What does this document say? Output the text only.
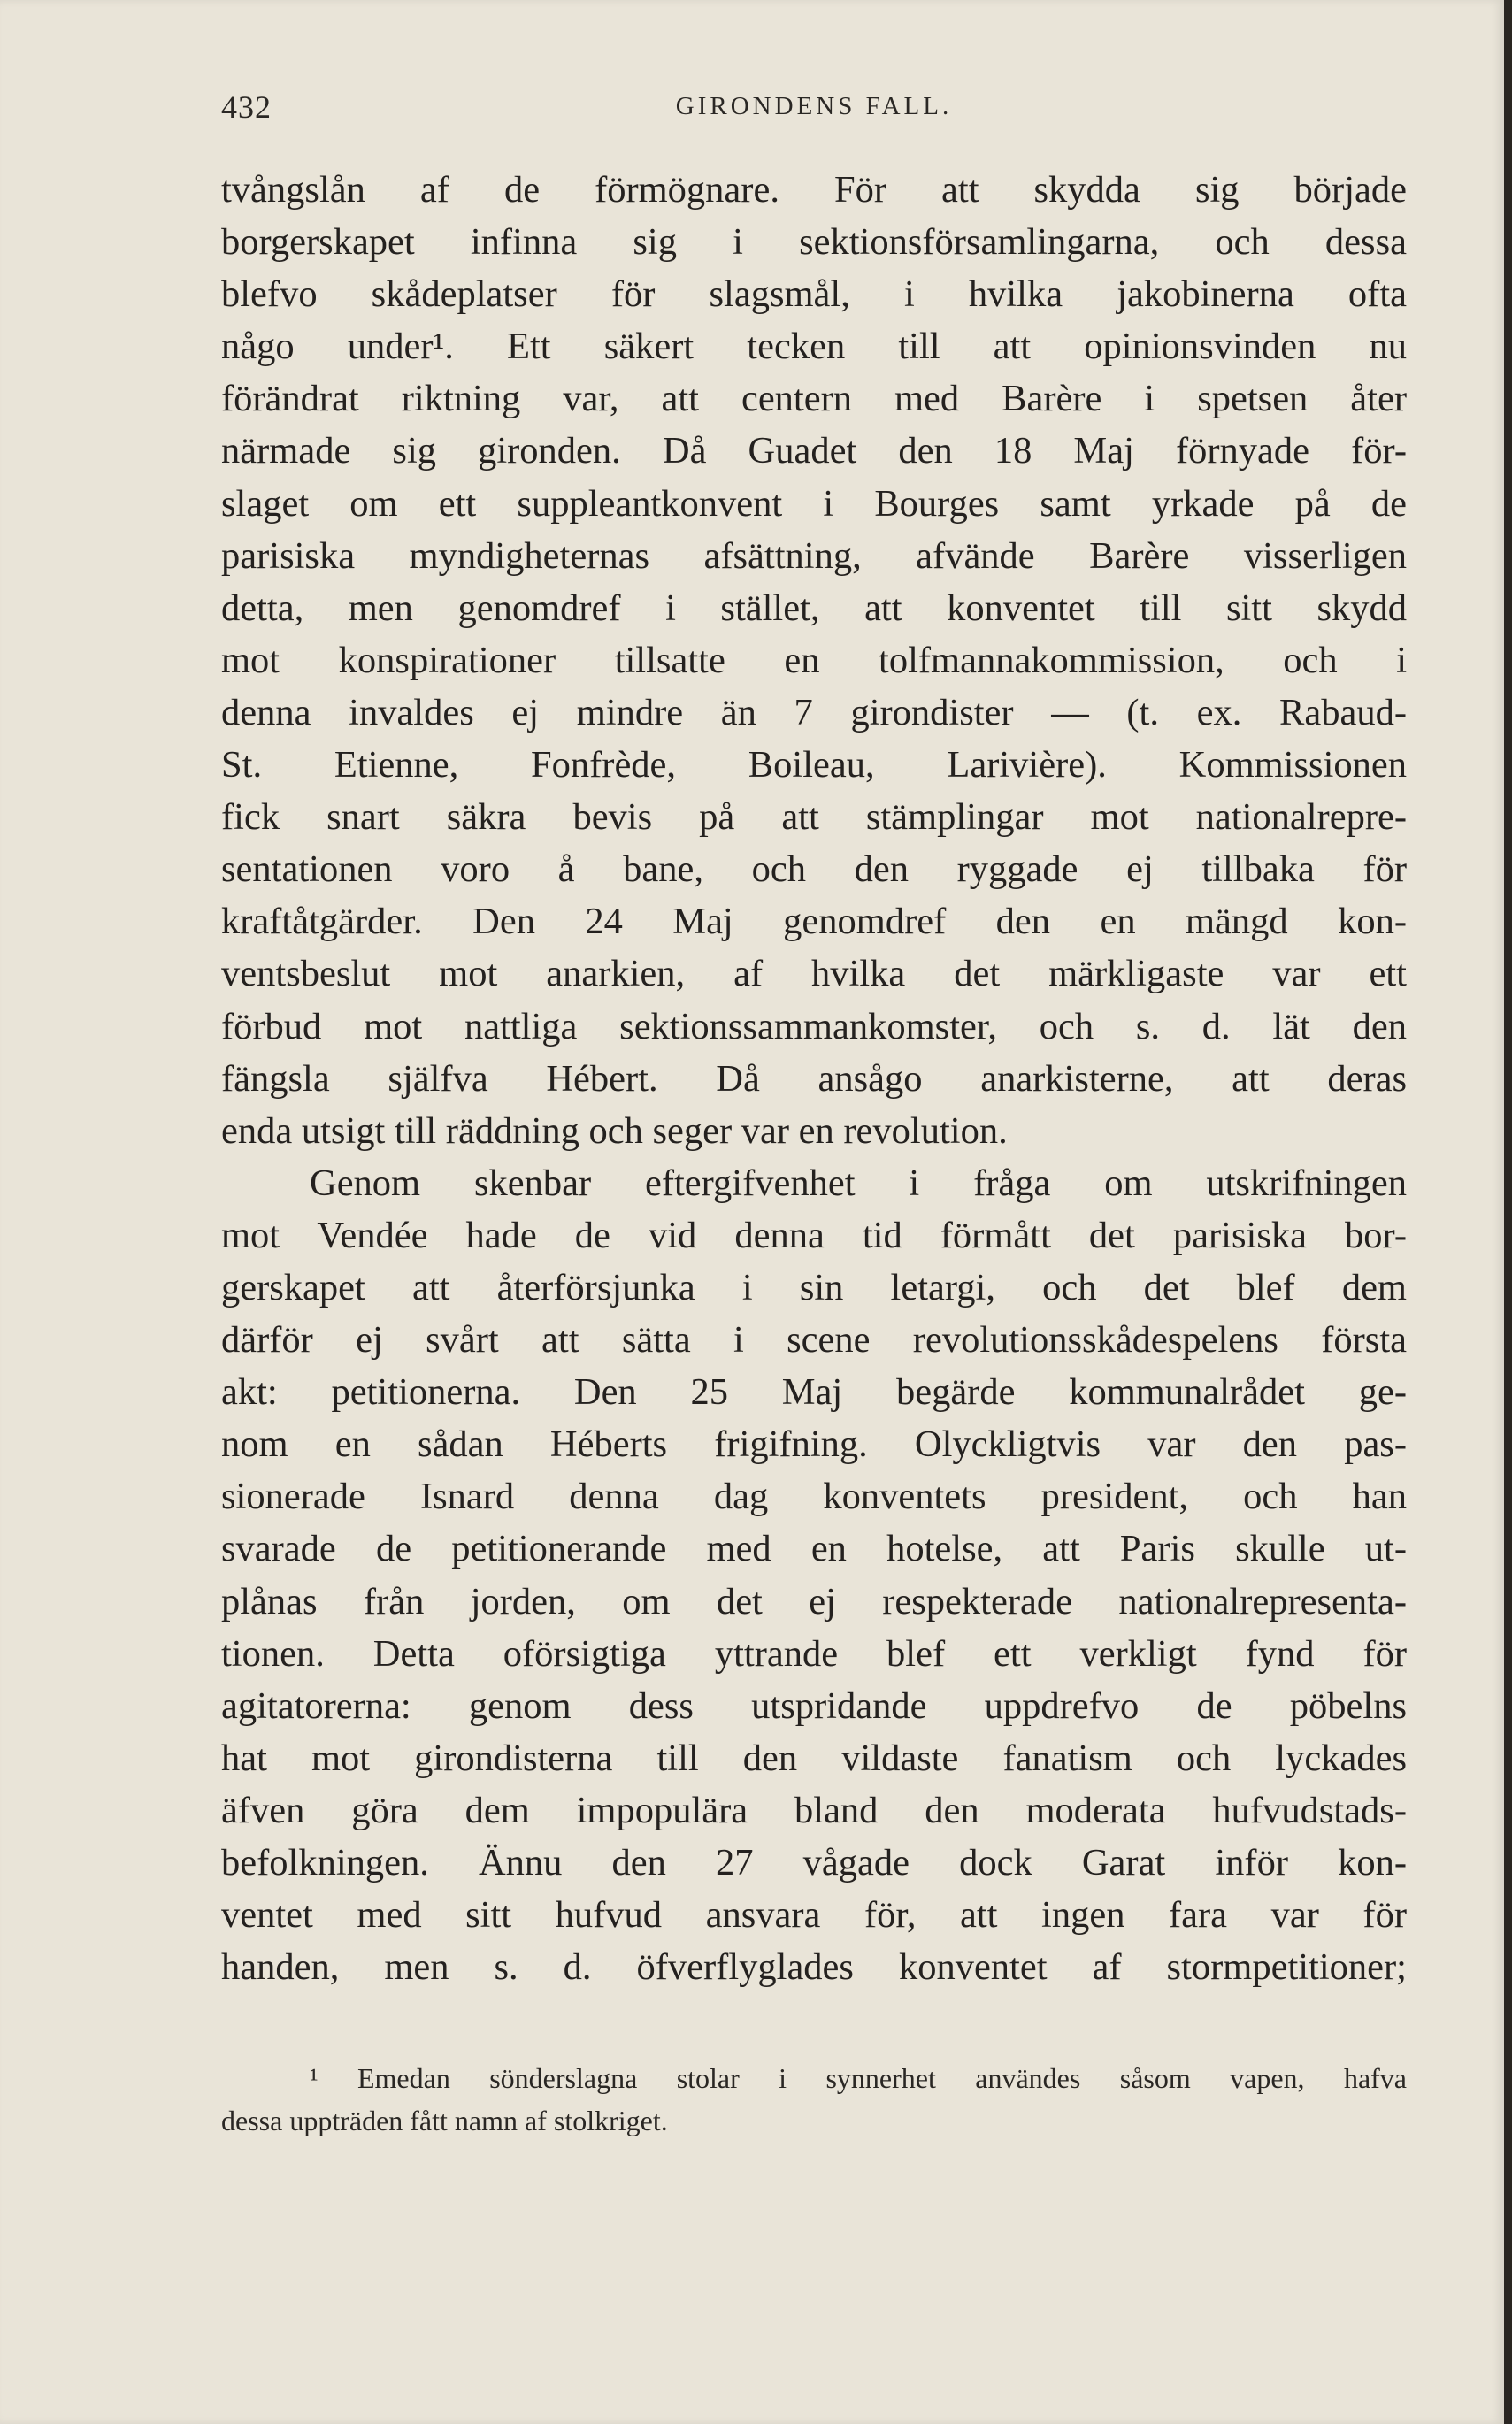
432	GIRONDENS FALL.
tvångslån af de förmögnare. För att skydda sig började
borgerskapet infinna sig i sektionsförsamlingarna, och dessa
blefvo skådeplatser för slagsmål, i hvilka jakobinerna ofta
någo under¹. Ett säkert tecken till att opinionsvinden nu
förändrat riktning var, att centern med Barère i spetsen åter
närmade sig gironden. Då Guadet den 18 Maj förnyade för-
slaget om ett suppleantkonvent i Bourges samt yrkade på de
parisiska myndigheternas afsättning, afvände Barère visserligen
detta, men genomdref i stället, att konventet till sitt skydd
mot konspirationer tillsatte en tolfmannakommission, och i
denna invaldes ej mindre än 7 girondister — (t. ex. Rabaud-
St. Etienne, Fonfrède, Boileau, Larivière). Kommissionen
fick snart säkra bevis på att stämplingar mot nationalrepre-
sentationen voro å bane, och den ryggade ej tillbaka för
kraftåtgärder. Den 24 Maj genomdref den en mängd kon-
ventsbeslut mot anarkien, af hvilka det märkligaste var ett
förbud mot nattliga sektionssammankomster, och s. d. lät den
fängsla själfva Hébert. Då ansågo anarkisterne, att deras
enda utsigt till räddning och seger var en revolution.
Genom skenbar eftergifvenhet i fråga om utskrifningen
mot Vendée hade de vid denna tid förmått det parisiska bor-
gerskapet att återförsjunka i sin letargi, och det blef dem
därför ej svårt att sätta i scene revolutionsskådespelens första
akt: petitionerna. Den 25 Maj begärde kommunalrådet ge-
nom en sådan Héberts frigifning. Olyckligtvis var den pas-
sionerade Isnard denna dag konventets president, och han
svarade de petitionerande med en hotelse, att Paris skulle ut-
plånas från jorden, om det ej respekterade nationalrepresenta-
tionen. Detta oförsigtiga yttrande blef ett verkligt fynd för
agitatorerna: genom dess utspridande uppdrefvo de pöbelns
hat mot girondisterna till den vildaste fanatism och lyckades
äfven göra dem impopulära bland den moderata hufvudstads-
befolkningen. Ännu den 27 vågade dock Garat inför kon-
ventet med sitt hufvud ansvara för, att ingen fara var för
handen, men s. d. öfverflyglades konventet af stormpetitioner;
¹ Emedan sönderslagna stolar i synnerhet användes såsom vapen, hafva
dessa uppträden fått namn af stolkriget.
